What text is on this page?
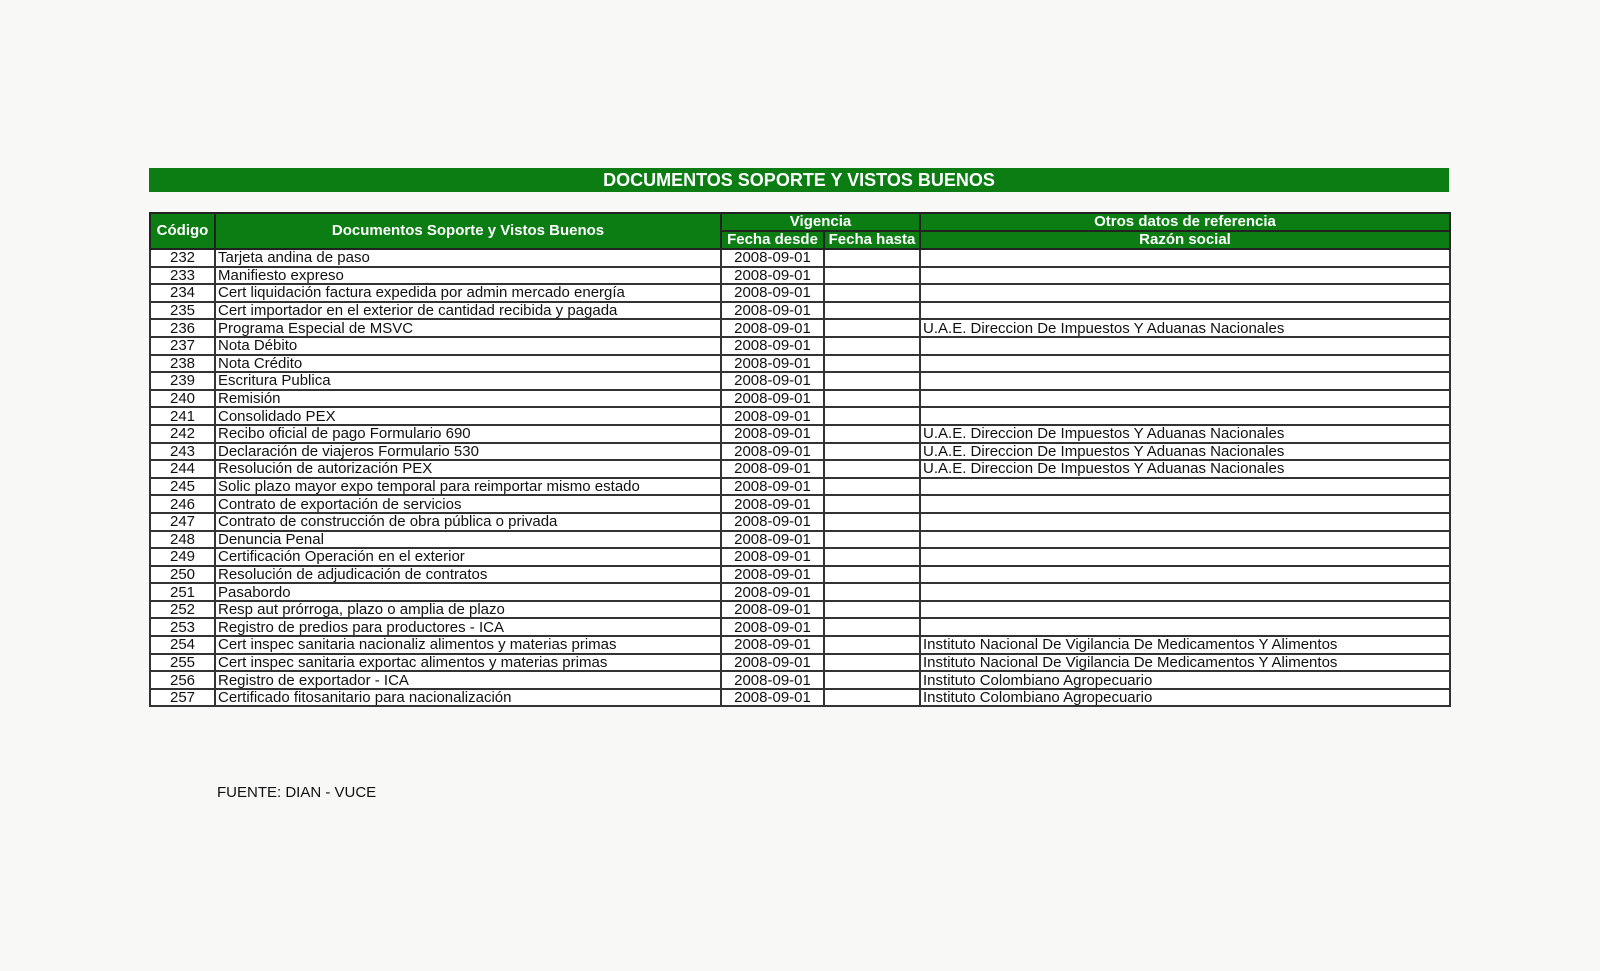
DOCUMENTOS SOPORTE Y VISTOS BUENOS
Código	Documentos Soporte y Vistos Buenos	Vigencia		Otros datos de referencia
		Fecha desde	Fecha hasta	Razón social
232	Tarjeta andina de paso	2008-09-01		
233	Manifiesto expreso	2008-09-01		
234	Cert liquidación factura expedida por admin mercado energía	2008-09-01		
235	Cert importador en el exterior de cantidad recibida y pagada	2008-09-01		
236	Programa Especial de MSVC	2008-09-01		U.A.E. Direccion De Impuestos Y Aduanas Nacionales
237	Nota Débito	2008-09-01		
238	Nota Crédito	2008-09-01		
239	Escritura Publica	2008-09-01		
240	Remisión	2008-09-01		
241	Consolidado PEX	2008-09-01		
242	Recibo oficial de pago Formulario 690	2008-09-01		U.A.E. Direccion De Impuestos Y Aduanas Nacionales
243	Declaración de viajeros Formulario 530	2008-09-01		U.A.E. Direccion De Impuestos Y Aduanas Nacionales
244	Resolución de autorización PEX	2008-09-01		U.A.E. Direccion De Impuestos Y Aduanas Nacionales
245	Solic plazo mayor expo temporal para reimportar mismo estado	2008-09-01		
246	Contrato de exportación de servicios	2008-09-01		
247	Contrato de construcción de obra pública o privada	2008-09-01		
248	Denuncia Penal	2008-09-01		
249	Certificación Operación en el exterior	2008-09-01		
250	Resolución de adjudicación de contratos	2008-09-01		
251	Pasabordo	2008-09-01		
252	Resp aut prórroga, plazo o amplia de plazo	2008-09-01		
253	Registro de predios para productores - ICA	2008-09-01		
254	Cert inspec sanitaria nacionaliz alimentos y materias primas	2008-09-01		Instituto Nacional De Vigilancia De Medicamentos Y Alimentos
255	Cert inspec sanitaria exportac alimentos y materias primas	2008-09-01		Instituto Nacional De Vigilancia De Medicamentos Y Alimentos
256	Registro de exportador - ICA	2008-09-01		Instituto Colombiano Agropecuario
257	Certificado fitosanitario para nacionalización	2008-09-01		Instituto Colombiano Agropecuario
FUENTE: DIAN - VUCE
